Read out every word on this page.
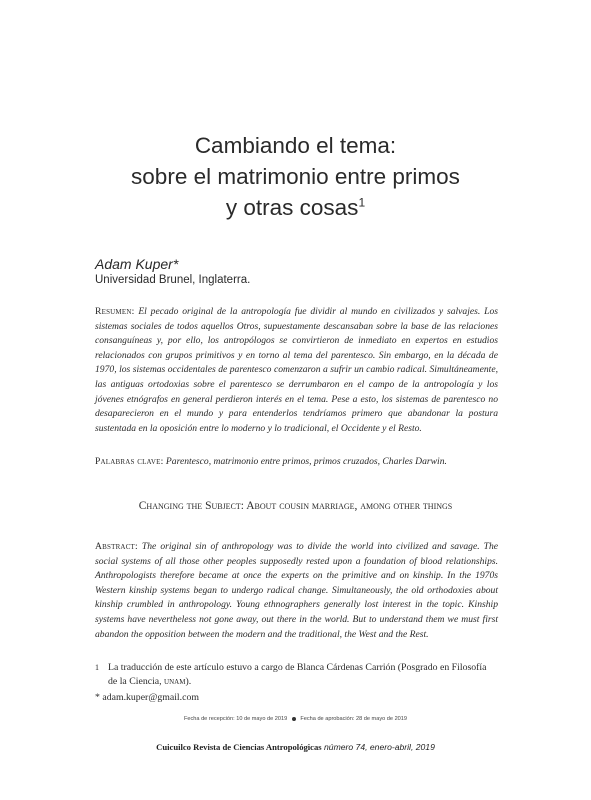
Cambiando el tema:
sobre el matrimonio entre primos
y otras cosas$^1$
Adam Kuper*
Universidad Brunel, Inglaterra.
Resumen: El pecado original de la antropología fue dividir al mundo en civilizados y salvajes. Los sistemas sociales de todos aquellos Otros, supuestamente descansaban sobre la base de las relaciones consanguíneas y, por ello, los antropólogos se convirtieron de inmediato en expertos en estudios relacionados con grupos primitivos y en torno al tema del parentesco. Sin embargo, en la década de 1970, los sistemas occidentales de parentesco comenzaron a sufrir un cambio radical. Simultáneamente, las antiguas ortodoxias sobre el parentesco se derrumbaron en el campo de la antropología y los jóvenes etnógrafos en general perdieron interés en el tema. Pese a esto, los sistemas de parentesco no desaparecieron en el mundo y para entenderlos tendríamos primero que abandonar la postura sustentada en la oposición entre lo moderno y lo tradicional, el Occidente y el Resto.
Palabras clave: Parentesco, matrimonio entre primos, primos cruzados, Charles Darwin.
Changing the Subject: About cousin marriage, among other things
Abstract: The original sin of anthropology was to divide the world into civilized and savage. The social systems of all those other peoples supposedly rested upon a foundation of blood relationships. Anthropologists therefore became at once the experts on the primitive and on kinship. In the 1970s Western kinship systems began to undergo radical change. Simultaneously, the old orthodoxies about kinship crumbled in anthropology. Young ethnographers generally lost interest in the topic. Kinship systems have nevertheless not gone away, out there in the world. But to understand them we must first abandon the opposition between the modern and the traditional, the West and the Rest.
1 La traducción de este artículo estuvo a cargo de Blanca Cárdenas Carrión (Posgrado en Filosofía de la Ciencia, unam).
* adam.kuper@gmail.com
Fecha de recepción: 10 de mayo de 2019 Fecha de aprobación: 28 de mayo de 2019
Cuicuilco Revista de Ciencias Antropológicas número 74, enero-abril, 2019
